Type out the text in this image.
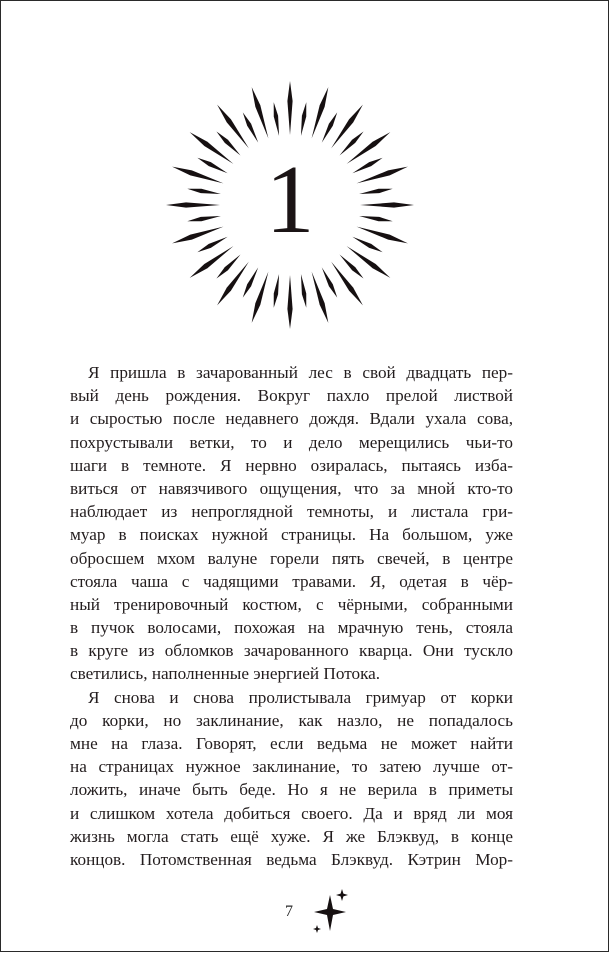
1
Я пришла в зачарованный лес в свой двадцать пер-
вый день рождения. Вокруг пахло прелой листвой
и сыростью после недавнего дождя. Вдали ухала сова,
похрустывали ветки, то и дело мерещились чьи-то
шаги в темноте. Я нервно озиралась, пытаясь изба-
виться от навязчивого ощущения, что за мной кто-то
наблюдает из непроглядной темноты, и листала гри-
муар в поисках нужной страницы. На большом, уже
обросшем мхом валуне горели пять свечей, в центре
стояла чаша с чадящими травами. Я, одетая в чёр-
ный тренировочный костюм, с чёрными, собранными
в пучок волосами, похожая на мрачную тень, стояла
в круге из обломков зачарованного кварца. Они тускло
светились, наполненные энергией Потока.
Я снова и снова пролистывала гримуар от корки
до корки, но заклинание, как назло, не попадалось
мне на глаза. Говорят, если ведьма не может найти
на страницах нужное заклинание, то затею лучше от-
ложить, иначе быть беде. Но я не верила в приметы
и слишком хотела добиться своего. Да и вряд ли моя
жизнь могла стать ещё хуже. Я же Блэквуд, в конце
концов. Потомственная ведьма Блэквуд. Кэтрин Мор-
7
